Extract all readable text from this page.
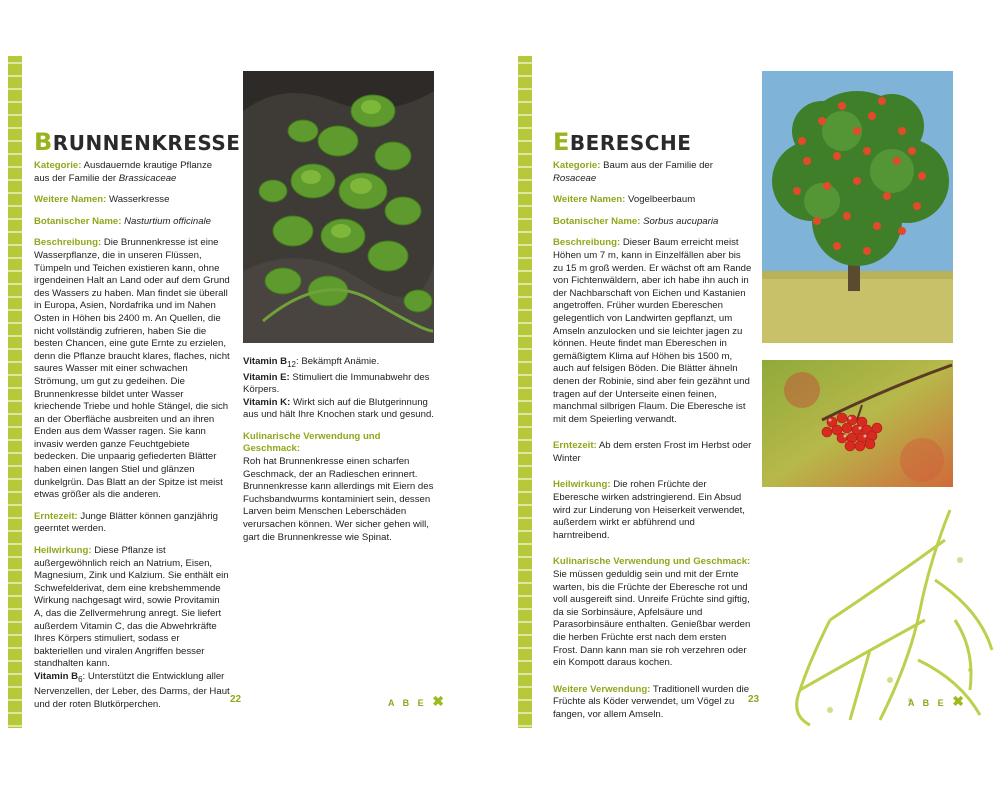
BRUNNENKRESSE

Kategorie: Ausdauernde krautige Pflanze aus der Familie der Brassicaceae

Weitere Namen: Wasserkresse

Botanischer Name: Nasturtium officinale

Beschreibung: Die Brunnenkresse ist eine Wasserpflanze, die in unseren Flüssen, Tümpeln und Teichen existieren kann, ohne irgendeinen Halt an Land oder auf dem Grund des Wassers zu haben. Man findet sie überall in Europa, Asien, Nordafrika und im Nahen Osten in Höhen bis 2400 m. An Quellen, die nicht vollständig zufrieren, haben Sie die besten Chancen, eine gute Ernte zu erzielen, denn die Pflanze braucht klares, flaches, nicht saures Wasser mit einer schwachen Strömung, um gut zu gedeihen. Die Brunnenkresse bildet unter Wasser kriechende Triebe und hohle Stängel, die sich an der Oberfläche ausbreiten und an ihren Enden aus dem Wasser ragen. Sie kann invasiv werden ganze Feuchtgebiete bedecken. Die unpaarig gefiederten Blätter haben einen langen Stiel und glänzen dunkelgrün. Das Blatt an der Spitze ist meist etwas größer als die anderen.

Erntezeit: Junge Blätter können ganzjährig geerntet werden.

Heilwirkung: Diese Pflanze ist außergewöhnlich reich an Natrium, Eisen, Magnesium, Zink und Kalzium. Sie enthält ein Schwefelderivat, dem eine krebshemmende Wirkung nachgesagt wird, sowie Provitamin A, das die Zellvermehrung anregt. Sie liefert außerdem Vitamin C, das die Abwehrkräfte Ihres Körpers stimuliert, sodass er bakteriellen und viralen Angriffen besser standhalten kann.

Vitamin $B_6$: Unterstützt die Entwicklung aller Nervenzellen, der Leber, des Darms, der Haut und der roten Blutkörperchen.

Vitamin $B_{12}$: Bekämpft Anämie.

Vitamin E: Stimuliert die Immunabwehr des Körpers.

Vitamin K: Wirkt sich auf die Blutgerinnung aus und hält Ihre Knochen stark und gesund.

Kulinarische Verwendung und Geschmack:

Roh hat Brunnenkresse einen scharfen Geschmack, der an Radieschen erinnert. Brunnenkresse kann allerdings mit Eiern des Fuchsbandwurms kontaminiert sein, dessen Larven beim Menschen Leberschäden verursachen können. Wer sicher gehen will, gart die Brunnenkresse wie Spinat.

22	A B E ✖
EBERESCHE

Kategorie: Baum aus der Familie der Rosaceae

Weitere Namen: Vogelbeerbaum

Botanischer Name: Sorbus aucuparia

Beschreibung: Dieser Baum erreicht meist Höhen um 7 m, kann in Einzelfällen aber bis zu 15 m groß werden. Er wächst oft am Rande von Fichtenwäldern, aber ich habe ihn auch in der Nachbarschaft von Eichen und Kastanien angetroffen. Früher wurden Ebereschen gelegentlich von Landwirten gepflanzt, um Amseln anzulocken und sie leichter jagen zu können. Heute findet man Ebereschen in gemäßigtem Klima auf Höhen bis 1500 m, auch auf felsigen Böden. Die Blätter ähneln denen der Robinie, sind aber fein gezähnt und tragen auf der Unterseite einen feinen, manchmal silbrigen Flaum. Die Eberesche ist mit dem Speierling verwandt.

Erntezeit: Ab dem ersten Frost im Herbst oder Winter

Heilwirkung: Die rohen Früchte der Eberesche wirken adstringierend. Ein Absud wird zur Linderung von Heiserkeit verwendet, außerdem wirkt er abführend und harntreibend.

Kulinarische Verwendung und Geschmack:

Sie müssen geduldig sein und mit der Ernte warten, bis die Früchte der Eberesche rot und voll ausgereift sind. Unreife Früchte sind giftig, da sie Sorbinsäure, Apfelsäure und Parasorbinsäure enthalten. Genießbar werden die herben Früchte erst nach dem ersten Frost. Dann kann man sie roh verzehren oder ein Kompott daraus kochen.

Weitere Verwendung: Traditionell wurden die Früchte als Köder verwendet, um Vögel zu fangen, vor allem Amseln.

23	A B E ✖
